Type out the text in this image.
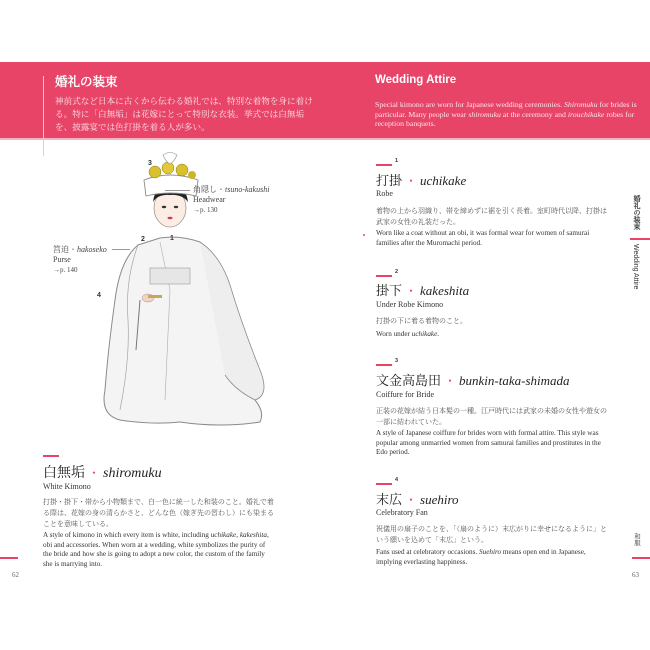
婚礼の装束
神前式など日本に古くから伝わる婚礼では、特別な着物を身に着ける。特に「白無垢」は花嫁にとって特別な衣装。挙式では白無垢を、披露宴では色打掛を着る人が多い。
Wedding Attire
Special kimono are worn for Japanese wedding ceremonies. Shiromuku for brides is particular. Many people wear shiromuku at the ceremony and irouchikake robes for reception banquets.
3
1
2
4
角隠し・tsuno-kakushi
Headwear
→p. 130
筥迫・hakoseko
Purse
→p. 140
白無垢 ・ shiromuku
White Kimono
打掛・掛下・帯から小物類まで、白一色に統一した和装のこと。婚礼で着る際は、花嫁の身の清らかさと、どんな色（嫁ぎ先の習わし）にも染まることを意味している。
A style of kimono in which every item is white, including uchikake, kakeshita, obi and accessories. When worn at a wedding, white symbolizes the purity of the bride and how she is going to adopt a new color, the custom of the family she is marrying into.
62
1
打掛 ・ uchikake
Robe
着物の上から羽織り、帯を締めずに裾を引く長着。室町時代以降、打掛は武家の女性の礼装だった。
Worn like a coat without an obi, it was formal wear for women of samurai families after the Muromachi period.
2
掛下 ・ kakeshita
Under Robe Kimono
打掛の下に着る着物のこと。
Worn under uchikake.
3
文金高島田 ・ bunkin-taka-shimada
Coiffure for Bride
正装の花嫁が結う日本髪の一種。江戸時代には武家の未婚の女性や遊女の一部に結われていた。
A style of Japanese coiffure for brides worn with formal attire. This style was popular among unmarried women from samurai families and prostitutes in the Edo period.
4
末広 ・ suehiro
Celebratory Fan
祝儀用の扇子のことを、「（扇のように）末広がりに幸せになるように」という願いを込めて「末広」という。
Fans used at celebratory occasions. Suehiro means open end in Japanese, implying everlasting happiness.
婚礼の装束
Wedding Attire
和服
63
